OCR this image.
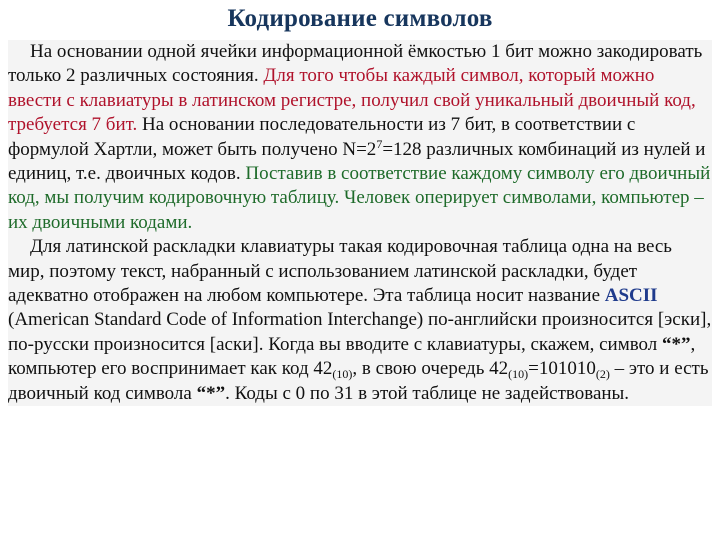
Кодирование символов

На основании одной ячейки информационной ёмкостью 1 бит можно закодировать только 2 различных состояния. Для того чтобы каждый символ, который можно ввести с клавиатуры в латинском регистре, получил свой уникальный двоичный код, требуется 7 бит. На основании последовательности из 7 бит, в соответствии с формулой Хартли, может быть получено $N=2^7=128$ различных комбинаций из нулей и единиц, т.е. двоичных кодов. Поставив в соответствие каждому символу его двоичный код, мы получим кодировочную таблицу. Человек оперирует символами, компьютер – их двоичными кодами.

Для латинской раскладки клавиатуры такая кодировочная таблица одна на весь мир, поэтому текст, набранный с использованием латинской раскладки, будет адекватно отображен на любом компьютере. Эта таблица носит название ASCII (American Standard Code of Information Interchange) по-английски произносится [эски], по-русски произносится [аски]. Когда вы вводите с клавиатуры, скажем, символ “*”, компьютер его воспринимает как код $42_{(10)}$, в свою очередь $42_{(10)}=101010_{(2)}$ – это и есть двоичный код символа “*”. Коды с 0 по 31 в этой таблице не задействованы.
